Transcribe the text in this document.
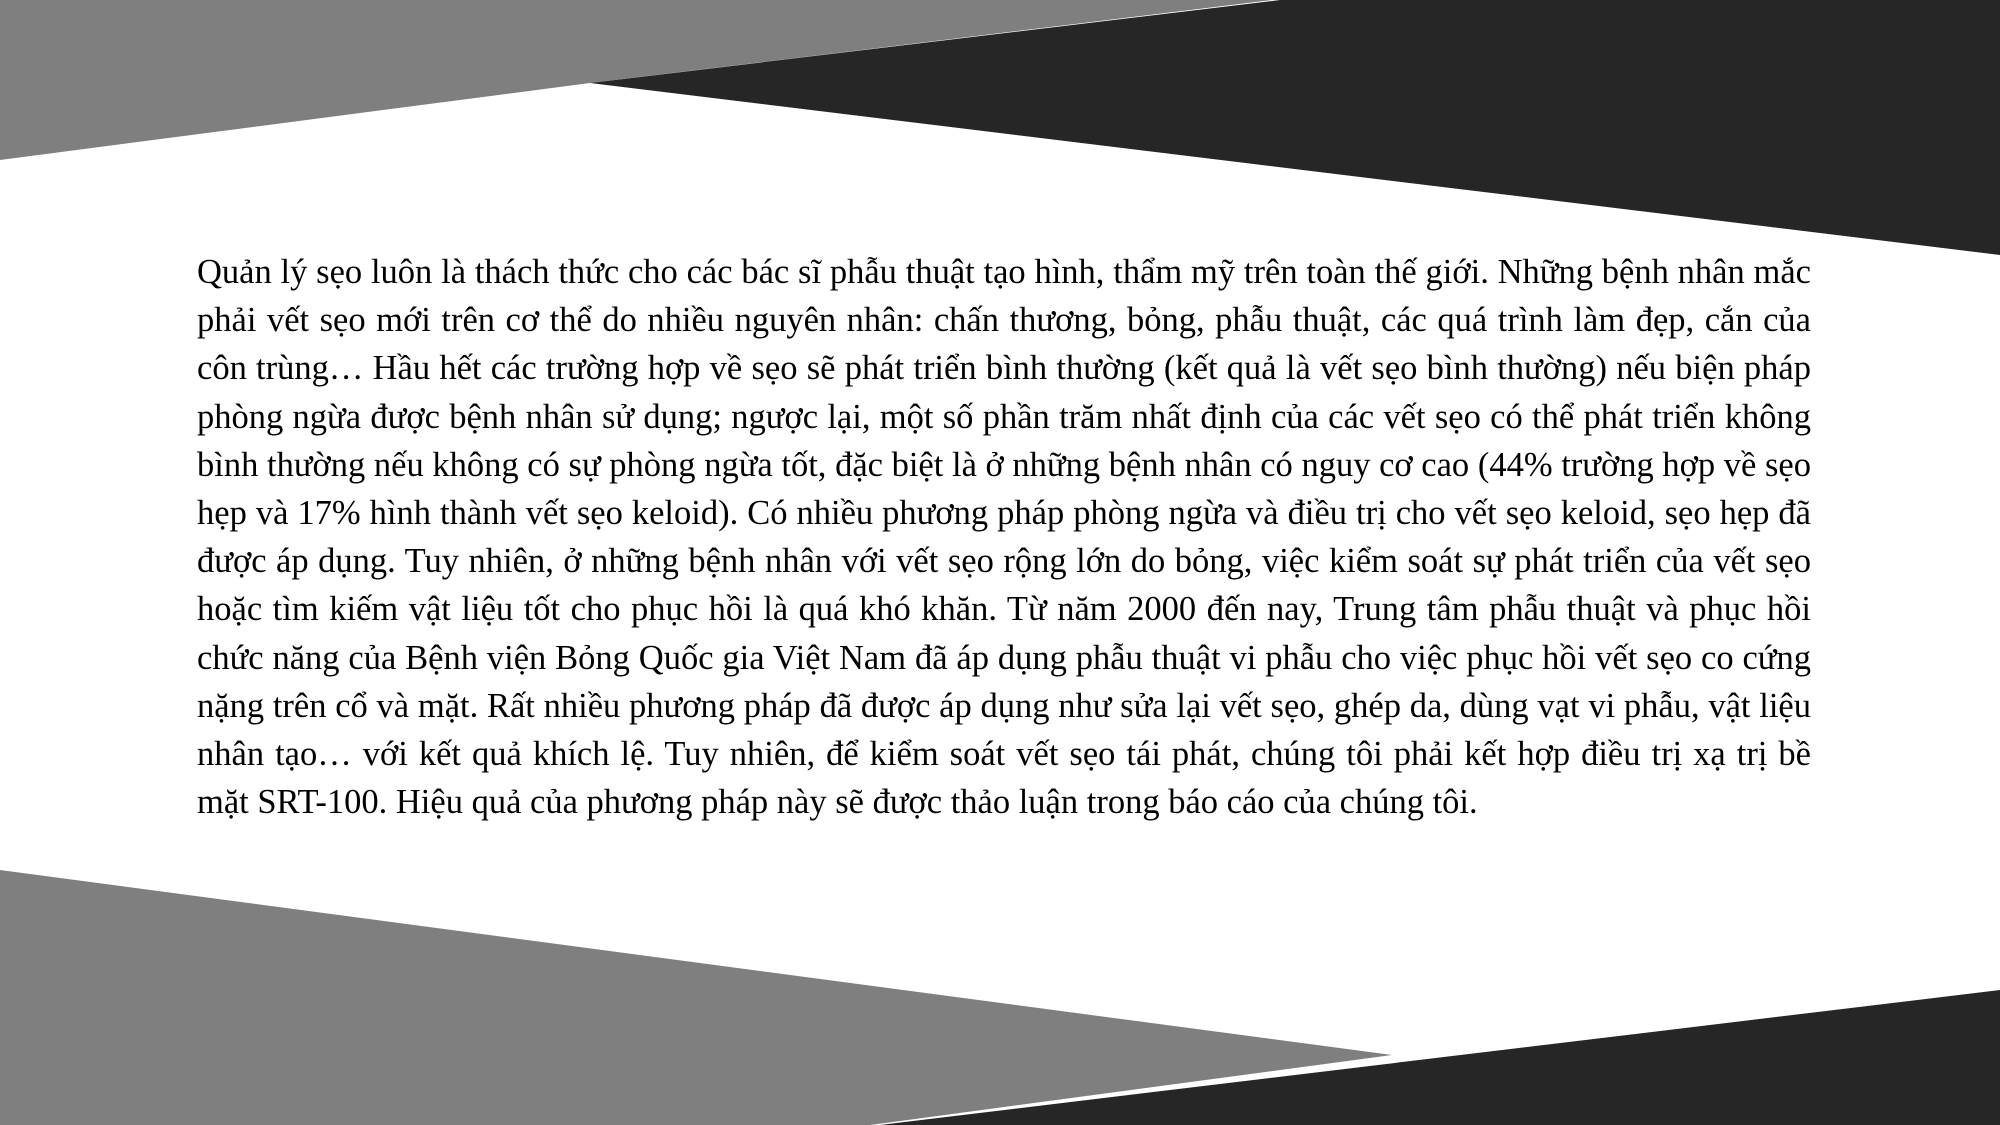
Quản lý sẹo luôn là thách thức cho các bác sĩ phẫu thuật tạo hình, thẩm mỹ trên toàn thế giới. Những bệnh nhân mắc phải vết sẹo mới trên cơ thể do nhiều nguyên nhân: chấn thương, bỏng, phẫu thuật, các quá trình làm đẹp, cắn của côn trùng… Hầu hết các trường hợp về sẹo sẽ phát triển bình thường (kết quả là vết sẹo bình thường) nếu biện pháp phòng ngừa được bệnh nhân sử dụng; ngược lại, một số phần trăm nhất định của các vết sẹo có thể phát triển không bình thường nếu không có sự phòng ngừa tốt, đặc biệt là ở những bệnh nhân có nguy cơ cao (44% trường hợp về sẹo hẹp và 17% hình thành vết sẹo keloid). Có nhiều phương pháp phòng ngừa và điều trị cho vết sẹo keloid, sẹo hẹp đã được áp dụng. Tuy nhiên, ở những bệnh nhân với vết sẹo rộng lớn do bỏng, việc kiểm soát sự phát triển của vết sẹo hoặc tìm kiếm vật liệu tốt cho phục hồi là quá khó khăn. Từ năm 2000 đến nay, Trung tâm phẫu thuật và phục hồi chức năng của Bệnh viện Bỏng Quốc gia Việt Nam đã áp dụng phẫu thuật vi phẫu cho việc phục hồi vết sẹo co cứng nặng trên cổ và mặt. Rất nhiều phương pháp đã được áp dụng như sửa lại vết sẹo, ghép da, dùng vạt vi phẫu, vật liệu nhân tạo… với kết quả khích lệ. Tuy nhiên, để kiểm soát vết sẹo tái phát, chúng tôi phải kết hợp điều trị xạ trị bề mặt SRT-100. Hiệu quả của phương pháp này sẽ được thảo luận trong báo cáo của chúng tôi.
